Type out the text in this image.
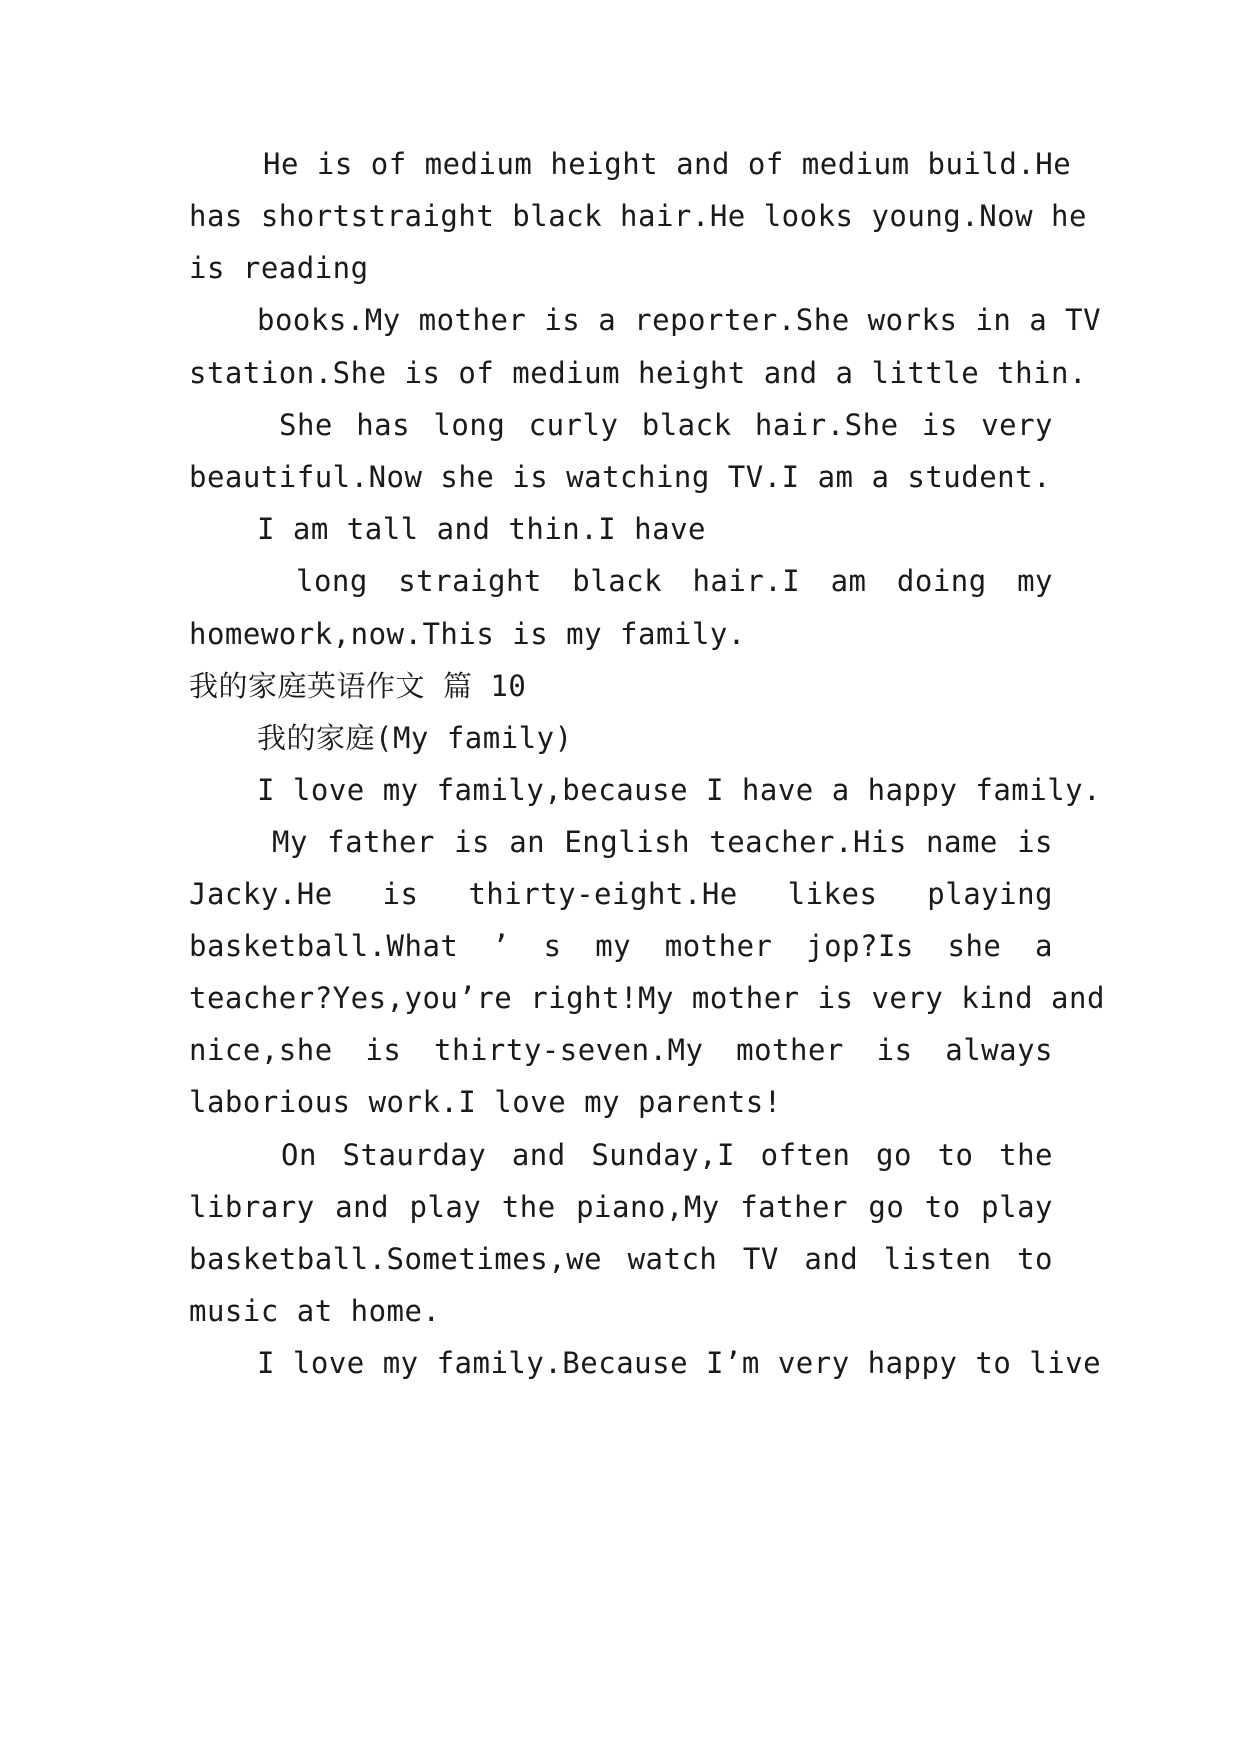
He is of medium height and of medium build.He
has shortstraight black hair.He looks young.Now he
is reading
books.My mother is a reporter.She works in a TV
station.She is of medium height and a little thin.
She has long curly black hair.She is very
beautiful.Now she is watching TV.I am a student.
I am tall and thin.I have
long straight black hair.I am doing my
homework,now.This is my family.
我的家庭英语作文 篇 10
我的家庭(My family)
I love my family,because I have a happy family.
My father is an English teacher.His name is
Jacky.He is thirty-eight.He likes playing
basketball.What ’ s my mother jop?Is she a
teacher?Yes,you’re right!My mother is very kind and
nice,she is thirty-seven.My mother is always
laborious work.I love my parents!
On Staurday and Sunday,I often go to the
library and play the piano,My father go to play
basketball.Sometimes,we watch TV and listen to
music at home.
I love my family.Because I’m very happy to live
